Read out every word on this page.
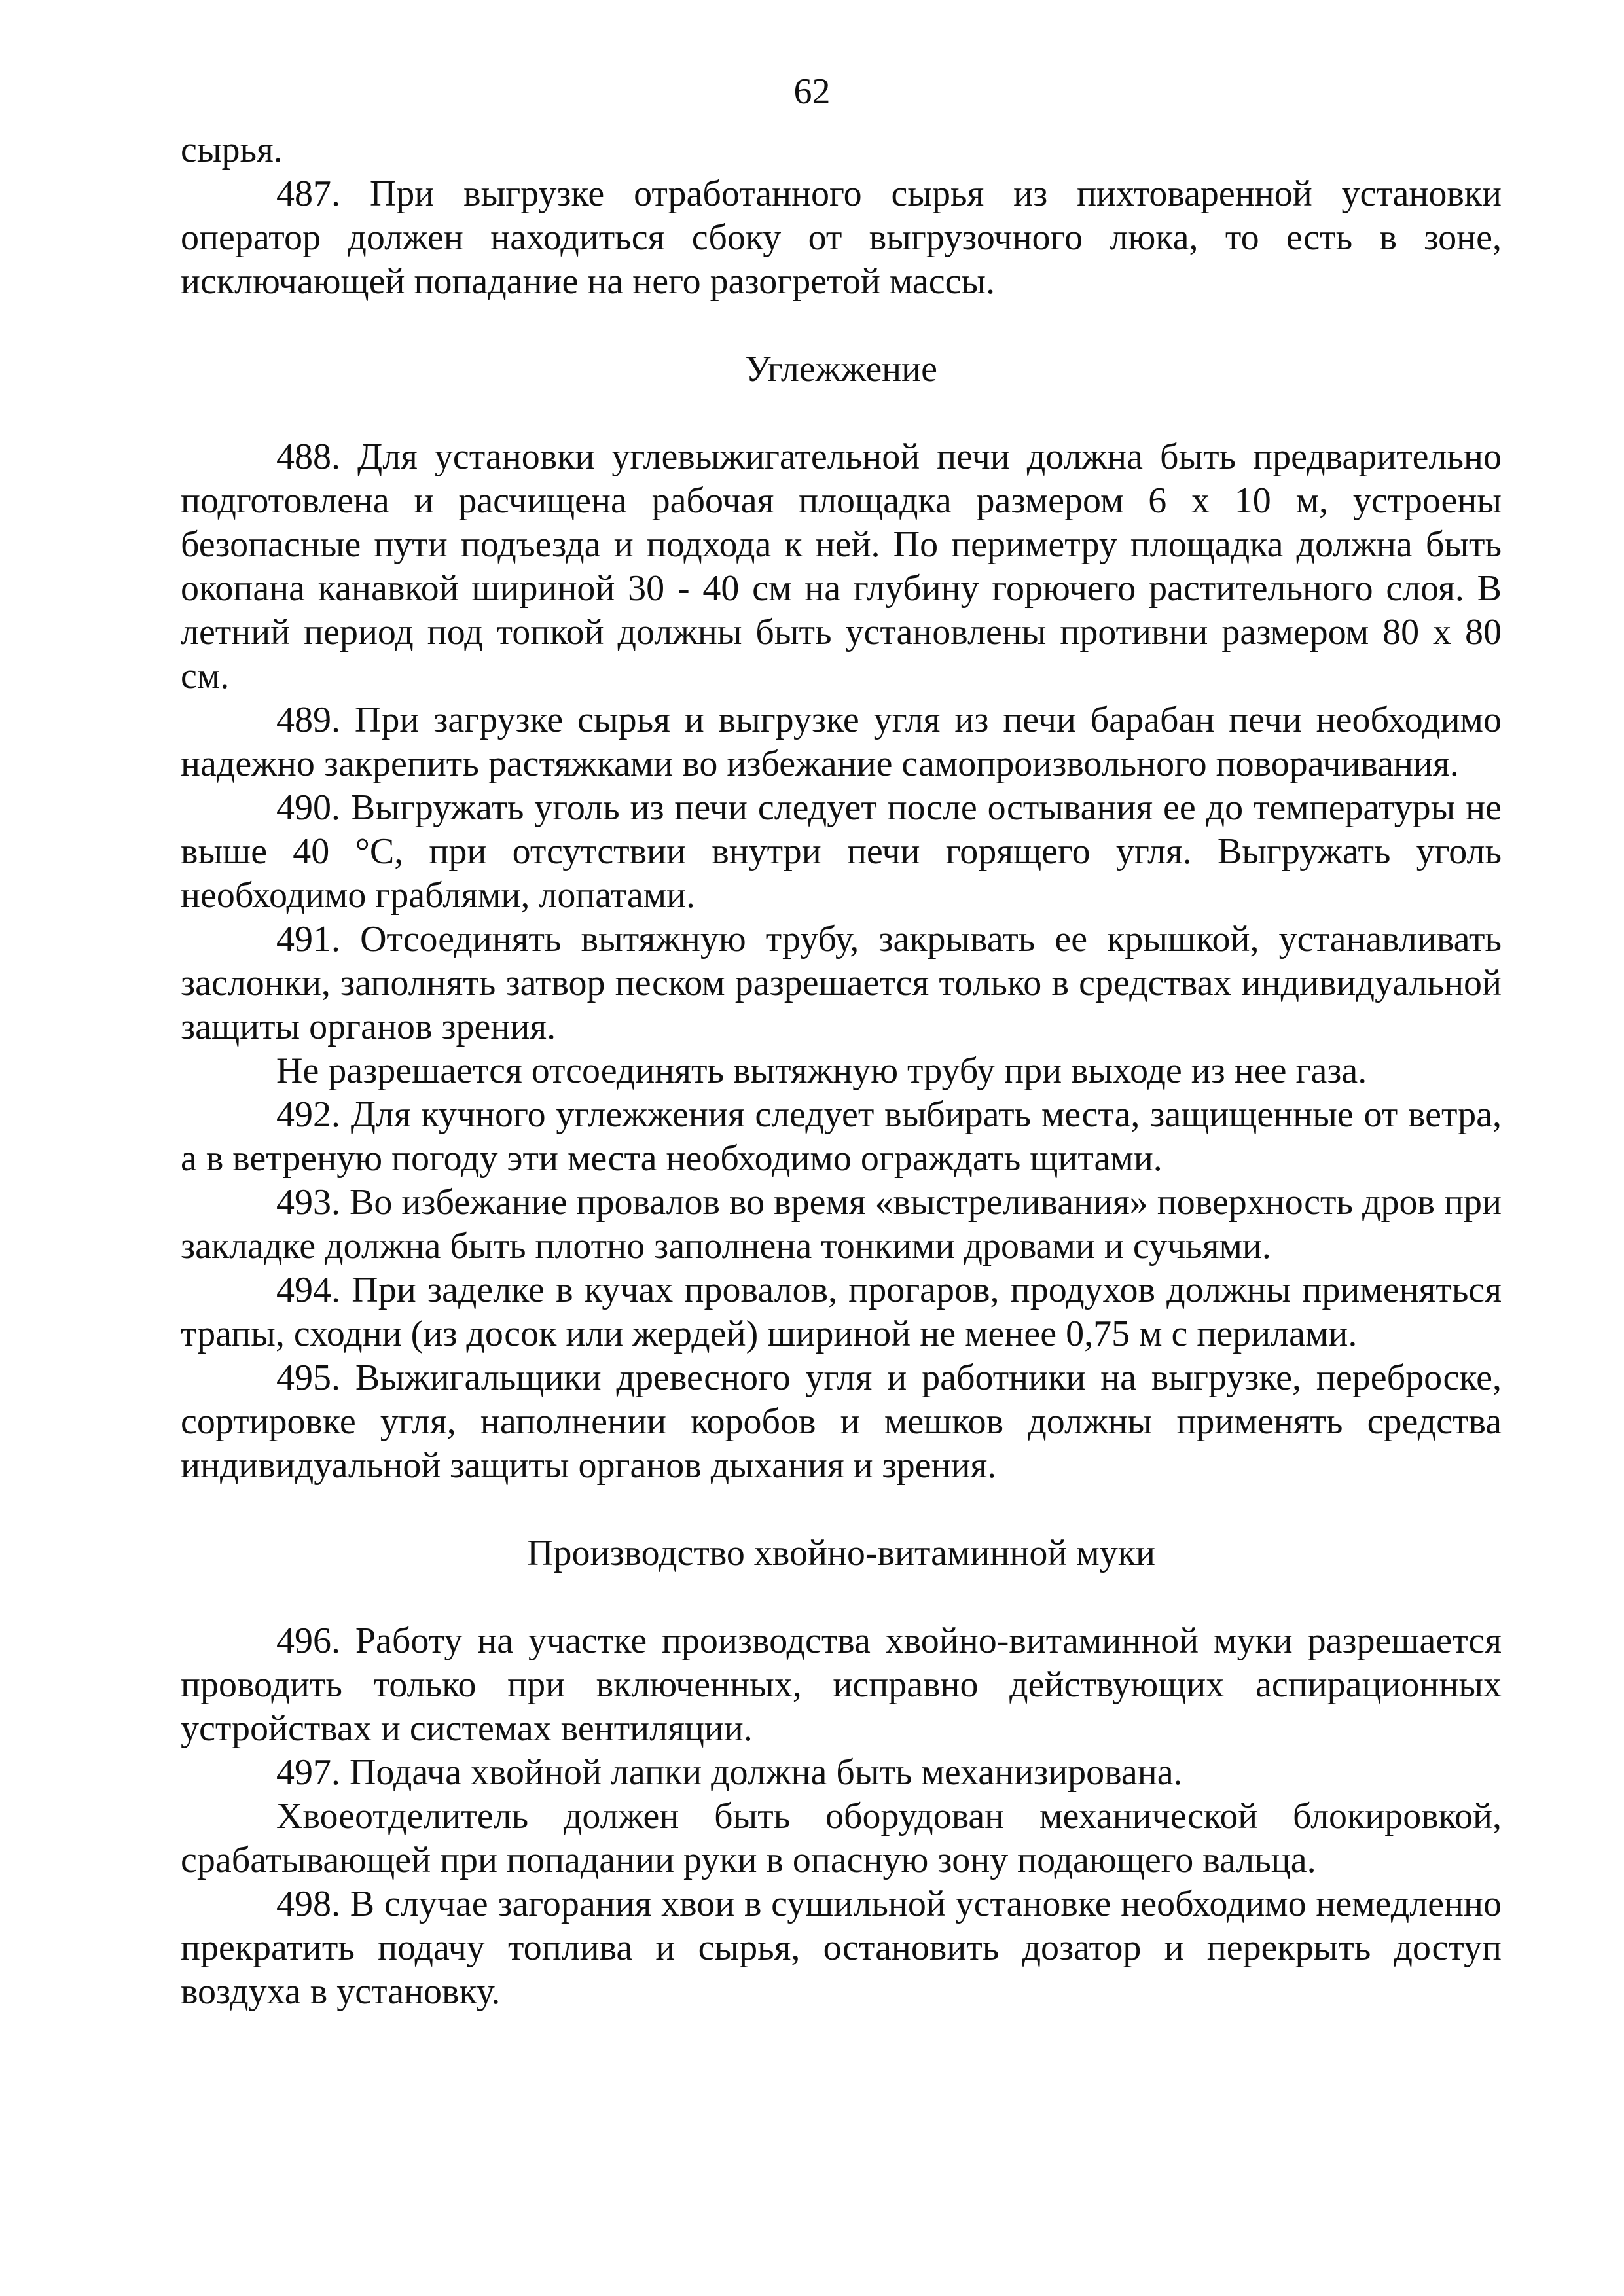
62

сырья.

487. При выгрузке отработанного сырья из пихтоваренной установки оператор должен находиться сбоку от выгрузочного люка, то есть в зоне, исключающей попадание на него разогретой массы.

Углежжение

488. Для установки углевыжигательной печи должна быть предварительно подготовлена и расчищена рабочая площадка размером 6 х 10 м, устроены безопасные пути подъезда и подхода к ней. По периметру площадка должна быть окопана канавкой шириной 30 - 40 см на глубину горючего растительного слоя. В летний период под топкой должны быть установлены противни размером 80 х 80 см.

489. При загрузке сырья и выгрузке угля из печи барабан печи необходимо надежно закрепить растяжками во избежание самопроизвольного поворачивания.

490. Выгружать уголь из печи следует после остывания ее до температуры не выше 40 °С, при отсутствии внутри печи горящего угля. Выгружать уголь необходимо граблями, лопатами.

491. Отсоединять вытяжную трубу, закрывать ее крышкой, устанавливать заслонки, заполнять затвор песком разрешается только в средствах индивидуальной защиты органов зрения.

Не разрешается отсоединять вытяжную трубу при выходе из нее газа.

492. Для кучного углежжения следует выбирать места, защищенные от ветра, а в ветреную погоду эти места необходимо ограждать щитами.

493. Во избежание провалов во время «выстреливания» поверхность дров при закладке должна быть плотно заполнена тонкими дровами и сучьями.

494. При заделке в кучах провалов, прогаров, продухов должны применяться трапы, сходни (из досок или жердей) шириной не менее 0,75 м с перилами.

495. Выжигальщики древесного угля и работники на выгрузке, переброске, сортировке угля, наполнении коробов и мешков должны применять средства индивидуальной защиты органов дыхания и зрения.

Производство хвойно-витаминной муки

496. Работу на участке производства хвойно-витаминной муки разрешается проводить только при включенных, исправно действующих аспирационных устройствах и системах вентиляции.

497. Подача хвойной лапки должна быть механизирована.

Хвоеотделитель должен быть оборудован механической блокировкой, срабатывающей при попадании руки в опасную зону подающего вальца.

498. В случае загорания хвои в сушильной установке необходимо немедленно прекратить подачу топлива и сырья, остановить дозатор и перекрыть доступ воздуха в установку.
